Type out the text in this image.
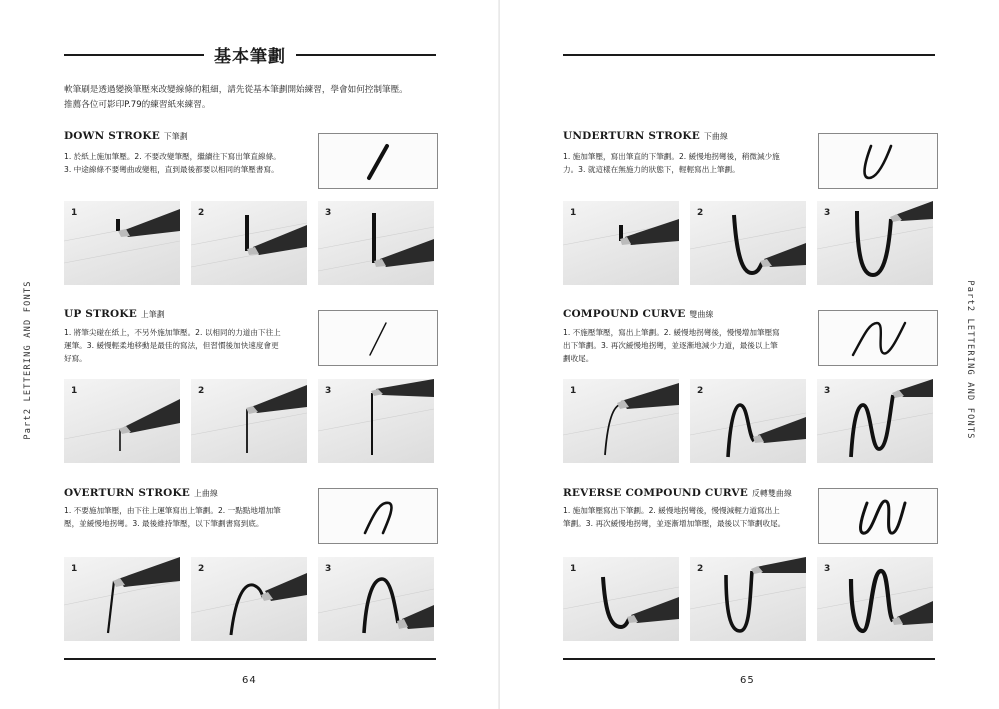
基本筆劃
軟筆刷是透過變換筆壓來改變線條的粗細，請先從基本筆劃開始練習，學會如何控制筆壓。
推薦各位可影印P.79的練習紙來練習。
DOWN STROKE 下筆劃
1. 於紙上施加筆壓。2. 不要改變筆壓，繼續往下寫出筆直線條。
3. 中途線條不要彎曲或變粗，直到最後都要以相同的筆壓書寫。
1	2	3
UP STROKE 上筆劃
1. 將筆尖碰在紙上，不另外施加筆壓。2. 以相同的力道由下往上
運筆。3. 緩慢輕柔地移動是最佳的寫法，但習慣後加快速度會更
好寫。
1	2	3
OVERTURN STROKE 上曲線
1. 不要施加筆壓，由下往上運筆寫出上筆劃。2. 一點點地增加筆
壓，並緩慢地拐彎。3. 最後維持筆壓，以下筆劃書寫到底。
1	2	3
64
UNDERTURN STROKE 下曲線
1. 施加筆壓，寫出筆直的下筆劃。2. 緩慢地拐彎後，稍微減少施
力。3. 就這樣在無施力的狀態下，輕輕寫出上筆劃。
1	2	3
COMPOUND CURVE 雙曲線
1. 不施壓筆壓，寫出上筆劃。2. 緩慢地拐彎後，慢慢增加筆壓寫
出下筆劃。3. 再次緩慢地拐彎，並逐漸地減少力道，最後以上筆
劃收尾。
1	2	3
REVERSE COMPOUND CURVE 反轉雙曲線
1. 施加筆壓寫出下筆劃。2. 緩慢地拐彎後，慢慢減輕力道寫出上
筆劃。3. 再次緩慢地拐彎，並逐漸增加筆壓，最後以下筆劃收尾。
1	2	3
65
Part2 LETTERING AND FONTS	Part2 LETTERING AND FONTS
